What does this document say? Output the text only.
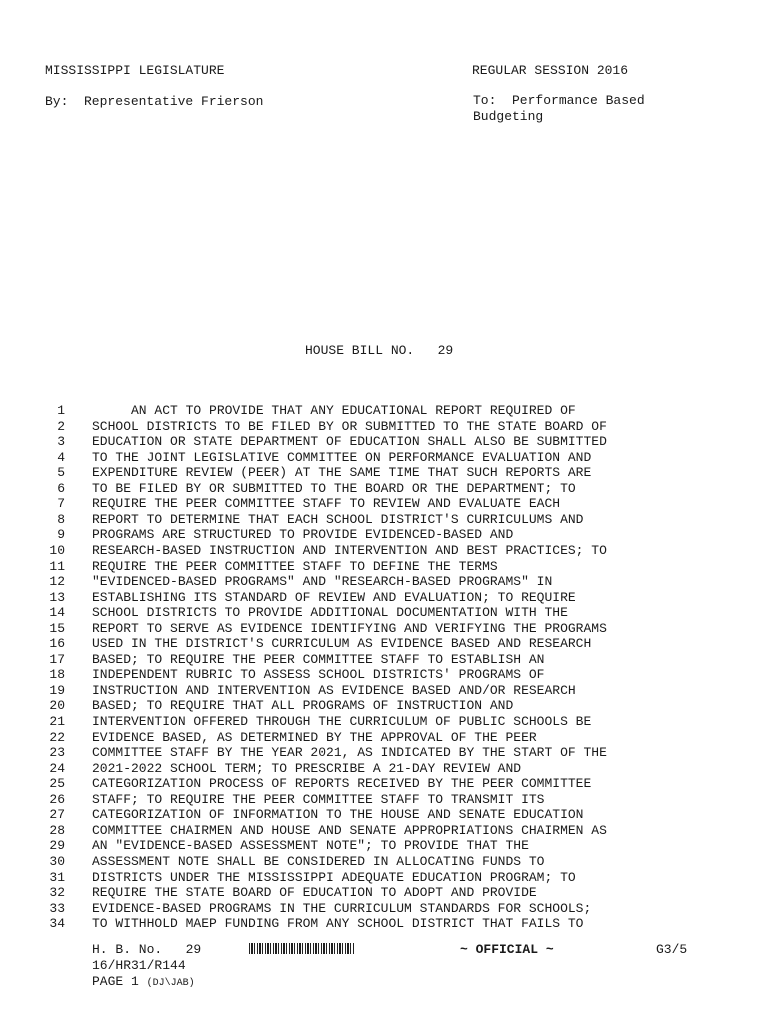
MISSISSIPPI LEGISLATURE	REGULAR SESSION 2016
By:  Representative Frierson	To:  Performance Based
Budgeting
HOUSE BILL NO.   29
1 AN ACT TO PROVIDE THAT ANY EDUCATIONAL REPORT REQUIRED OF
2 SCHOOL DISTRICTS TO BE FILED BY OR SUBMITTED TO THE STATE BOARD OF
3 EDUCATION OR STATE DEPARTMENT OF EDUCATION SHALL ALSO BE SUBMITTED
4 TO THE JOINT LEGISLATIVE COMMITTEE ON PERFORMANCE EVALUATION AND
5 EXPENDITURE REVIEW (PEER) AT THE SAME TIME THAT SUCH REPORTS ARE
6 TO BE FILED BY OR SUBMITTED TO THE BOARD OR THE DEPARTMENT; TO
7 REQUIRE THE PEER COMMITTEE STAFF TO REVIEW AND EVALUATE EACH
8 REPORT TO DETERMINE THAT EACH SCHOOL DISTRICT'S CURRICULUMS AND
9 PROGRAMS ARE STRUCTURED TO PROVIDE EVIDENCED-BASED AND
10 RESEARCH-BASED INSTRUCTION AND INTERVENTION AND BEST PRACTICES; TO
11 REQUIRE THE PEER COMMITTEE STAFF TO DEFINE THE TERMS
12 "EVIDENCED-BASED PROGRAMS" AND "RESEARCH-BASED PROGRAMS" IN
13 ESTABLISHING ITS STANDARD OF REVIEW AND EVALUATION; TO REQUIRE
14 SCHOOL DISTRICTS TO PROVIDE ADDITIONAL DOCUMENTATION WITH THE
15 REPORT TO SERVE AS EVIDENCE IDENTIFYING AND VERIFYING THE PROGRAMS
16 USED IN THE DISTRICT'S CURRICULUM AS EVIDENCE BASED AND RESEARCH
17 BASED; TO REQUIRE THE PEER COMMITTEE STAFF TO ESTABLISH AN
18 INDEPENDENT RUBRIC TO ASSESS SCHOOL DISTRICTS' PROGRAMS OF
19 INSTRUCTION AND INTERVENTION AS EVIDENCE BASED AND/OR RESEARCH
20 BASED; TO REQUIRE THAT ALL PROGRAMS OF INSTRUCTION AND
21 INTERVENTION OFFERED THROUGH THE CURRICULUM OF PUBLIC SCHOOLS BE
22 EVIDENCE BASED, AS DETERMINED BY THE APPROVAL OF THE PEER
23 COMMITTEE STAFF BY THE YEAR 2021, AS INDICATED BY THE START OF THE
24 2021-2022 SCHOOL TERM; TO PRESCRIBE A 21-DAY REVIEW AND
25 CATEGORIZATION PROCESS OF REPORTS RECEIVED BY THE PEER COMMITTEE
26 STAFF; TO REQUIRE THE PEER COMMITTEE STAFF TO TRANSMIT ITS
27 CATEGORIZATION OF INFORMATION TO THE HOUSE AND SENATE EDUCATION
28 COMMITTEE CHAIRMEN AND HOUSE AND SENATE APPROPRIATIONS CHAIRMEN AS
29 AN "EVIDENCE-BASED ASSESSMENT NOTE"; TO PROVIDE THAT THE
30 ASSESSMENT NOTE SHALL BE CONSIDERED IN ALLOCATING FUNDS TO
31 DISTRICTS UNDER THE MISSISSIPPI ADEQUATE EDUCATION PROGRAM; TO
32 REQUIRE THE STATE BOARD OF EDUCATION TO ADOPT AND PROVIDE
33 EVIDENCE-BASED PROGRAMS IN THE CURRICULUM STANDARDS FOR SCHOOLS;
34 TO WITHHOLD MAEP FUNDING FROM ANY SCHOOL DISTRICT THAT FAILS TO
H. B. No.   29	~ OFFICIAL ~	G3/5
16/HR31/R144
PAGE 1 (DJ\JAB)
